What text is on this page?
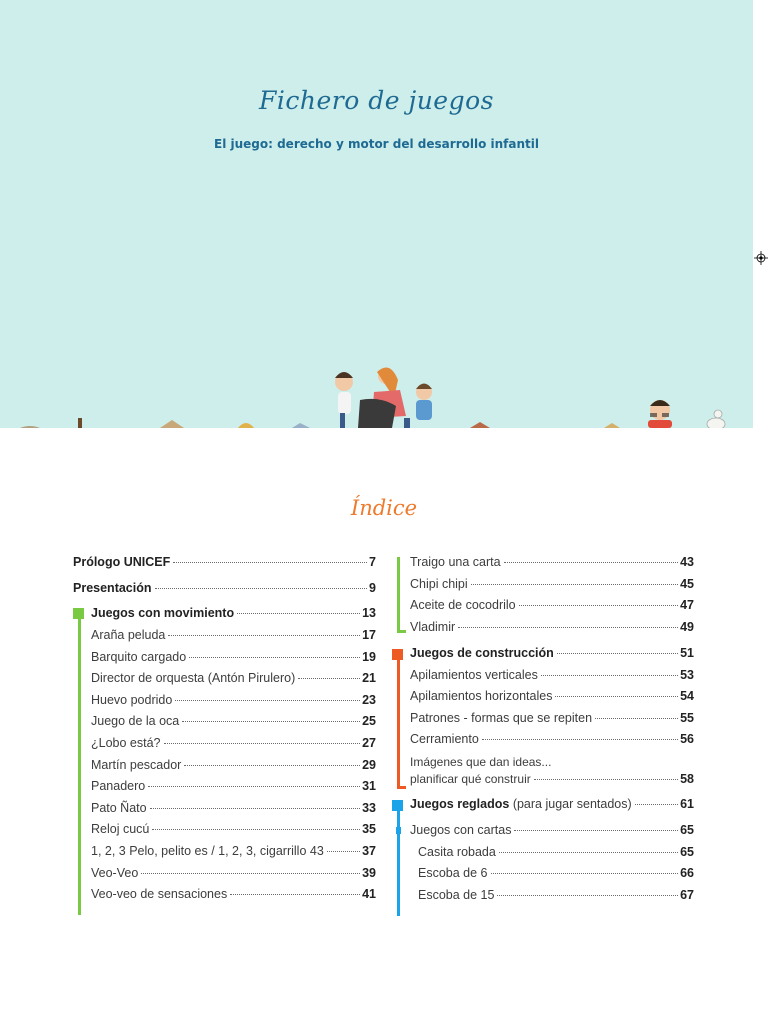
Fichero de juegos
El juego: derecho y motor del desarrollo infantil
Índice
Prólogo UNICEF	7
Presentación	9
Juegos con movimiento	13
Araña peluda	17
Barquito cargado	19
Director de orquesta (Antón Pirulero)	21
Huevo podrido	23
Juego de la oca	25
¿Lobo está?	27
Martín pescador	29
Panadero	31
Pato Ñato	33
Reloj cucú	35
1, 2, 3 Pelo, pelito es / 1, 2, 3, cigarrillo 43	37
Veo-Veo	39
Veo-veo de sensaciones	41
Traigo una carta	43
Chipi chipi	45
Aceite de cocodrilo	47
Vladimir	49
Juegos de construcción	51
Apilamientos verticales	53
Apilamientos horizontales	54
Patrones - formas que se repiten	55
Cerramiento	56
Imágenes que dan ideas...
planificar qué construir	58
Juegos reglados (para jugar sentados)	61
Juegos con cartas	65
Casita robada	65
Escoba de 6	66
Escoba de 15	67
